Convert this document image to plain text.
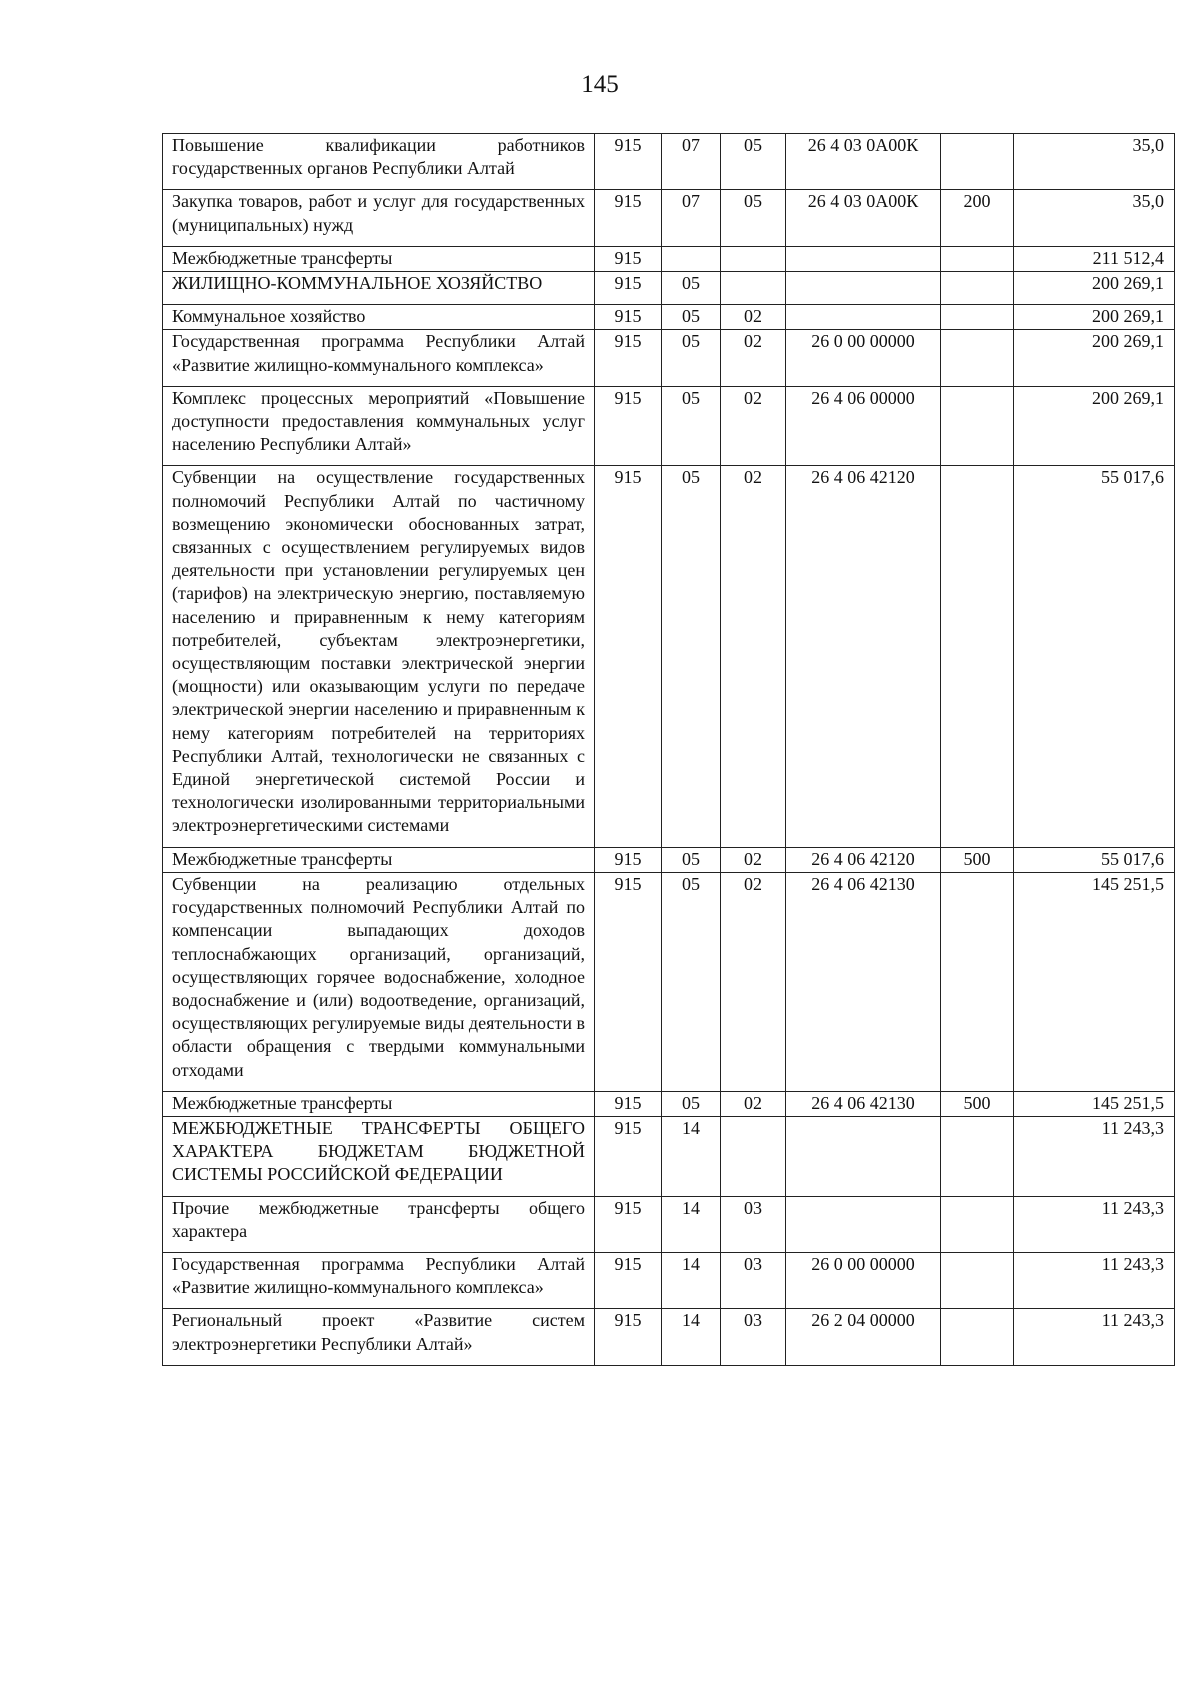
145
Повышение квалификации работников государственных органов Республики Алтай	915	07	05	26 4 03 0А00К		35,0
Закупка товаров, работ и услуг для государственных (муниципальных) нужд	915	07	05	26 4 03 0А00К	200	35,0
Межбюджетные трансферты	915					211 512,4
ЖИЛИЩНО-КОММУНАЛЬНОЕ ХОЗЯЙСТВО	915	05				200 269,1
Коммунальное хозяйство	915	05	02			200 269,1
Государственная программа Республики Алтай «Развитие жилищно-коммунального комплекса»	915	05	02	26 0 00 00000		200 269,1
Комплекс процессных мероприятий «Повышение доступности предоставления коммунальных услуг населению Республики Алтай»	915	05	02	26 4 06 00000		200 269,1
Субвенции на осуществление государственных полномочий Республики Алтай по частичному возмещению экономически обоснованных затрат, связанных с осуществлением регулируемых видов деятельности при установлении регулируемых цен (тарифов) на электрическую энергию, поставляемую населению и приравненным к нему категориям потребителей, субъектам электроэнергетики, осуществляющим поставки электрической энергии (мощности) или оказывающим услуги по передаче электрической энергии населению и приравненным к нему категориям потребителей на территориях Республики Алтай, технологически не связанных с Единой энергетической системой России и технологически изолированными территориальными электроэнергетическими системами	915	05	02	26 4 06 42120		55 017,6
Межбюджетные трансферты	915	05	02	26 4 06 42120	500	55 017,6
Субвенции на реализацию отдельных государственных полномочий Республики Алтай по компенсации выпадающих доходов теплоснабжающих организаций, организаций, осуществляющих горячее водоснабжение, холодное водоснабжение и (или) водоотведение, организаций, осуществляющих регулируемые виды деятельности в области обращения с твердыми коммунальными отходами	915	05	02	26 4 06 42130		145 251,5
Межбюджетные трансферты	915	05	02	26 4 06 42130	500	145 251,5
МЕЖБЮДЖЕТНЫЕ ТРАНСФЕРТЫ ОБЩЕГО ХАРАКТЕРА БЮДЖЕТАМ БЮДЖЕТНОЙ СИСТЕМЫ РОССИЙСКОЙ ФЕДЕРАЦИИ	915	14				11 243,3
Прочие межбюджетные трансферты общего характера	915	14	03			11 243,3
Государственная программа Республики Алтай «Развитие жилищно-коммунального комплекса»	915	14	03	26 0 00 00000		11 243,3
Региональный проект «Развитие систем электроэнергетики Республики Алтай»	915	14	03	26 2 04 00000		11 243,3
